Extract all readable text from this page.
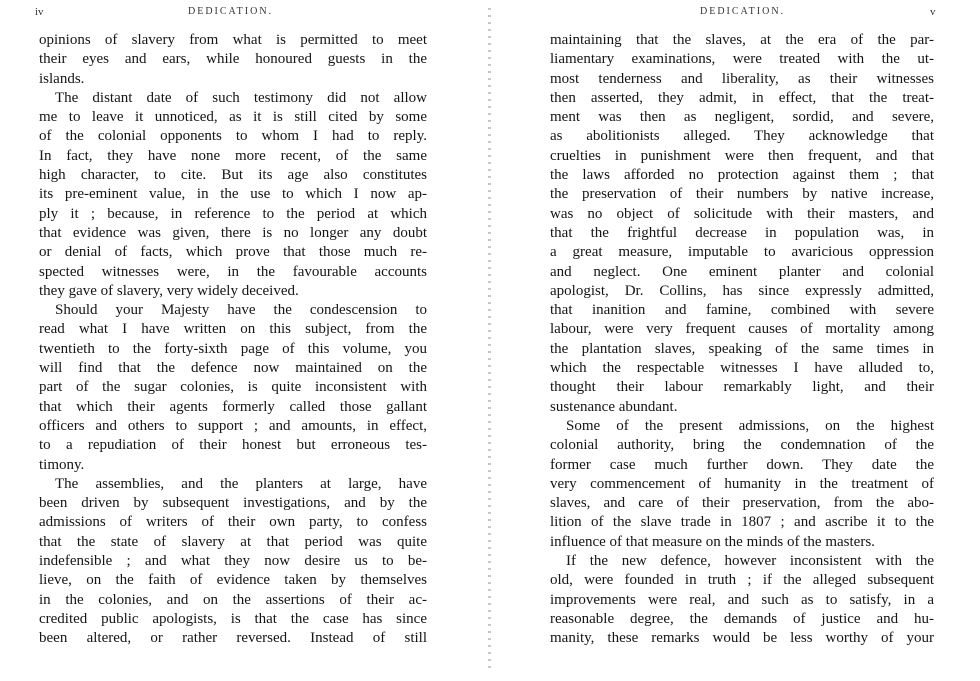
iv	DEDICATION.
opinions of slavery from what is permitted to meet
their eyes and ears, while honoured guests in the
islands.
The distant date of such testimony did not allow
me to leave it unnoticed, as it is still cited by some
of the colonial opponents to whom I had to reply.
In fact, they have none more recent, of the same
high character, to cite. But its age also constitutes
its pre-eminent value, in the use to which I now ap-
ply it ; because, in reference to the period at which
that evidence was given, there is no longer any doubt
or denial of facts, which prove that those much re-
spected witnesses were, in the favourable accounts
they gave of slavery, very widely deceived.
Should your Majesty have the condescension to
read what I have written on this subject, from the
twentieth to the forty-sixth page of this volume, you
will find that the defence now maintained on the
part of the sugar colonies, is quite inconsistent with
that which their agents formerly called those gallant
officers and others to support ; and amounts, in effect,
to a repudiation of their honest but erroneous tes-
timony.
The assemblies, and the planters at large, have
been driven by subsequent investigations, and by the
admissions of writers of their own party, to confess
that the state of slavery at that period was quite
indefensible ; and what they now desire us to be-
lieve, on the faith of evidence taken by themselves
in the colonies, and on the assertions of their ac-
credited public apologists, is that the case has since
been altered, or rather reversed. Instead of still
DEDICATION.	v
maintaining that the slaves, at the era of the par-
liamentary examinations, were treated with the ut-
most tenderness and liberality, as their witnesses
then asserted, they admit, in effect, that the treat-
ment was then as negligent, sordid, and severe,
as abolitionists alleged. They acknowledge that
cruelties in punishment were then frequent, and that
the laws afforded no protection against them ; that
the preservation of their numbers by native increase,
was no object of solicitude with their masters, and
that the frightful decrease in population was, in
a great measure, imputable to avaricious oppression
and neglect. One eminent planter and colonial
apologist, Dr. Collins, has since expressly admitted,
that inanition and famine, combined with severe
labour, were very frequent causes of mortality among
the plantation slaves, speaking of the same times in
which the respectable witnesses I have alluded to,
thought their labour remarkably light, and their
sustenance abundant.
Some of the present admissions, on the highest
colonial authority, bring the condemnation of the
former case much further down. They date the
very commencement of humanity in the treatment of
slaves, and care of their preservation, from the abo-
lition of the slave trade in 1807 ; and ascribe it to the
influence of that measure on the minds of the masters.
If the new defence, however inconsistent with the
old, were founded in truth ; if the alleged subsequent
improvements were real, and such as to satisfy, in a
reasonable degree, the demands of justice and hu-
manity, these remarks would be less worthy of your
